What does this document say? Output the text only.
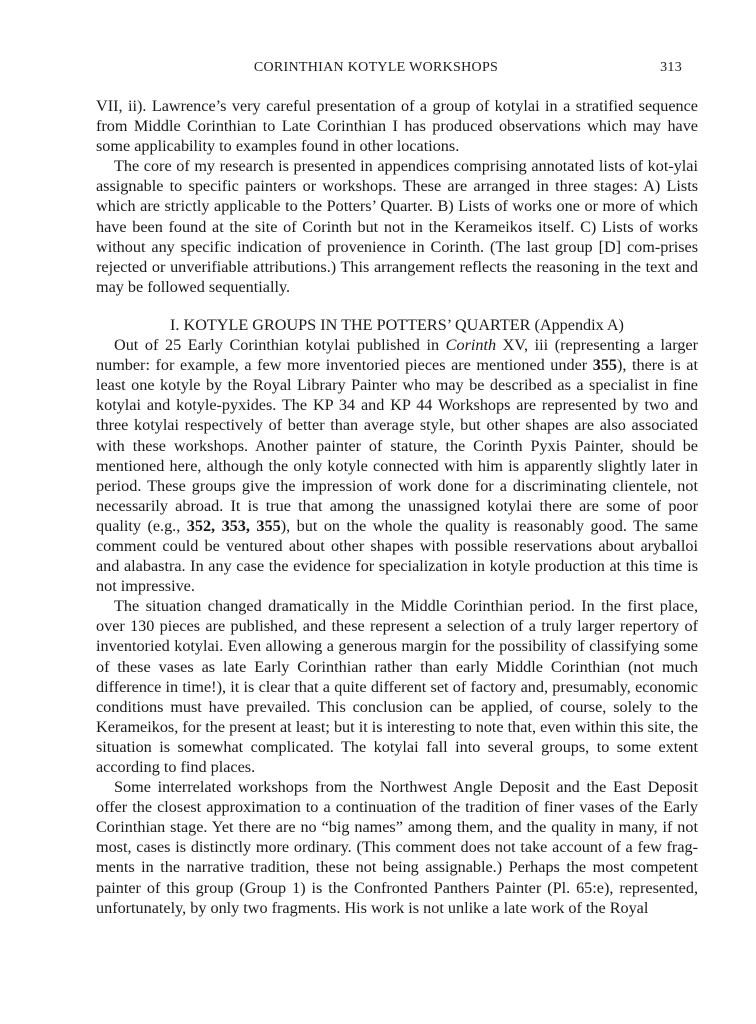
CORINTHIAN KOTYLE WORKSHOPS	313

VII, ii). Lawrence’s very careful presentation of a group of kotylai in a stratified sequence from Middle Corinthian to Late Corinthian I has produced observations which may have some applicability to examples found in other locations.

The core of my research is presented in appendices comprising annotated lists of kot-ylai assignable to specific painters or workshops. These are arranged in three stages: A) Lists which are strictly applicable to the Potters’ Quarter. B) Lists of works one or more of which have been found at the site of Corinth but not in the Kerameikos itself. C) Lists of works without any specific indication of provenience in Corinth. (The last group [D] com-prises rejected or unverifiable attributions.) This arrangement reflects the reasoning in the text and may be followed sequentially.

I. KOTYLE GROUPS IN THE POTTERS’ QUARTER (Appendix A)

Out of 25 Early Corinthian kotylai published in Corinth XV, iii (representing a larger number: for example, a few more inventoried pieces are mentioned under 355), there is at least one kotyle by the Royal Library Painter who may be described as a specialist in fine kotylai and kotyle-pyxides. The KP 34 and KP 44 Workshops are represented by two and three kotylai respectively of better than average style, but other shapes are also associated with these workshops. Another painter of stature, the Corinth Pyxis Painter, should be mentioned here, although the only kotyle connected with him is apparently slightly later in period. These groups give the impression of work done for a discriminating clientele, not necessarily abroad. It is true that among the unassigned kotylai there are some of poor quality (e.g., 352, 353, 355), but on the whole the quality is reasonably good. The same comment could be ventured about other shapes with possible reservations about aryballoi and alabastra. In any case the evidence for specialization in kotyle production at this time is not impressive.

The situation changed dramatically in the Middle Corinthian period. In the first place, over 130 pieces are published, and these represent a selection of a truly larger repertory of inventoried kotylai. Even allowing a generous margin for the possibility of classifying some of these vases as late Early Corinthian rather than early Middle Corinthian (not much difference in time!), it is clear that a quite different set of factory and, presumably, economic conditions must have prevailed. This conclusion can be applied, of course, solely to the Kerameikos, for the present at least; but it is interesting to note that, even within this site, the situation is somewhat complicated. The kotylai fall into several groups, to some extent according to find places.

Some interrelated workshops from the Northwest Angle Deposit and the East Deposit offer the closest approximation to a continuation of the tradition of finer vases of the Early Corinthian stage. Yet there are no “big names” among them, and the quality in many, if not most, cases is distinctly more ordinary. (This comment does not take account of a few frag-ments in the narrative tradition, these not being assignable.) Perhaps the most competent painter of this group (Group 1) is the Confronted Panthers Painter (Pl. 65:e), represented, unfortunately, by only two fragments. His work is not unlike a late work of the Royal
